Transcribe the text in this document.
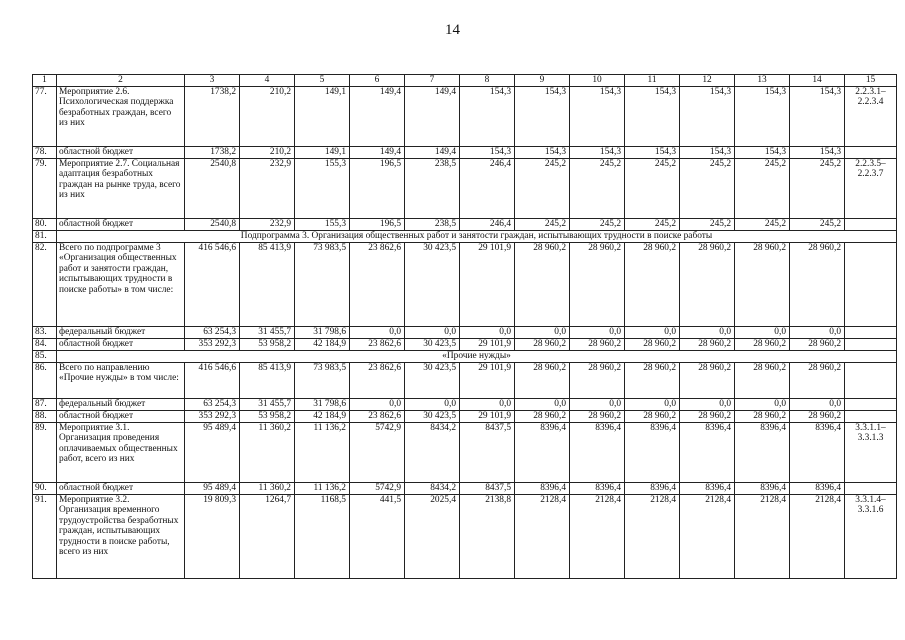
14
1	2	3	4	5	6	7	8	9	10	11	12	13	14	15
77.	Мероприятие 2.6. Психологическая поддержка безработных граждан, всего из них	1738,2	210,2	149,1	149,4	149,4	154,3	154,3	154,3	154,3	154,3	154,3	154,3	2.2.3.1– 2.2.3.4
78.	областной бюджет	1738,2	210,2	149,1	149,4	149,4	154,3	154,3	154,3	154,3	154,3	154,3	154,3	
79.	Мероприятие 2.7. Социальная адаптация безработных граждан на рынке труда, всего из них	2540,8	232,9	155,3	196,5	238,5	246,4	245,2	245,2	245,2	245,2	245,2	245,2	2.2.3.5– 2.2.3.7
80.	областной бюджет	2540,8	232,9	155,3	196,5	238,5	246,4	245,2	245,2	245,2	245,2	245,2	245,2	
81.	Подпрограмма 3. Организация общественных работ и занятости граждан, испытывающих трудности в поиске работы													
82.	Всего по подпрограмме 3 «Организация общественных работ и занятости граждан, испытывающих трудности в поиске работы» в том числе:	416 546,6	85 413,9	73 983,5	23 862,6	30 423,5	29 101,9	28 960,2	28 960,2	28 960,2	28 960,2	28 960,2	28 960,2	
83.	федеральный бюджет	63 254,3	31 455,7	31 798,6	0,0	0,0	0,0	0,0	0,0	0,0	0,0	0,0	0,0	
84.	областной бюджет	353 292,3	53 958,2	42 184,9	23 862,6	30 423,5	29 101,9	28 960,2	28 960,2	28 960,2	28 960,2	28 960,2	28 960,2	
85.	«Прочие нужды»													
86.	Всего по направлению «Прочие нужды» в том числе:	416 546,6	85 413,9	73 983,5	23 862,6	30 423,5	29 101,9	28 960,2	28 960,2	28 960,2	28 960,2	28 960,2	28 960,2	
87.	федеральный бюджет	63 254,3	31 455,7	31 798,6	0,0	0,0	0,0	0,0	0,0	0,0	0,0	0,0	0,0	
88.	областной бюджет	353 292,3	53 958,2	42 184,9	23 862,6	30 423,5	29 101,9	28 960,2	28 960,2	28 960,2	28 960,2	28 960,2	28 960,2	
89.	Мероприятие 3.1. Организация проведения оплачиваемых общественных работ, всего из них	95 489,4	11 360,2	11 136,2	5742,9	8434,2	8437,5	8396,4	8396,4	8396,4	8396,4	8396,4	8396,4	3.3.1.1– 3.3.1.3
90.	областной бюджет	95 489,4	11 360,2	11 136,2	5742,9	8434,2	8437,5	8396,4	8396,4	8396,4	8396,4	8396,4	8396,4	
91.	Мероприятие 3.2. Организация временного трудоустройства безработных граждан, испытывающих трудности в поиске работы, всего из них	19 809,3	1264,7	1168,5	441,5	2025,4	2138,8	2128,4	2128,4	2128,4	2128,4	2128,4	2128,4	3.3.1.4– 3.3.1.6
